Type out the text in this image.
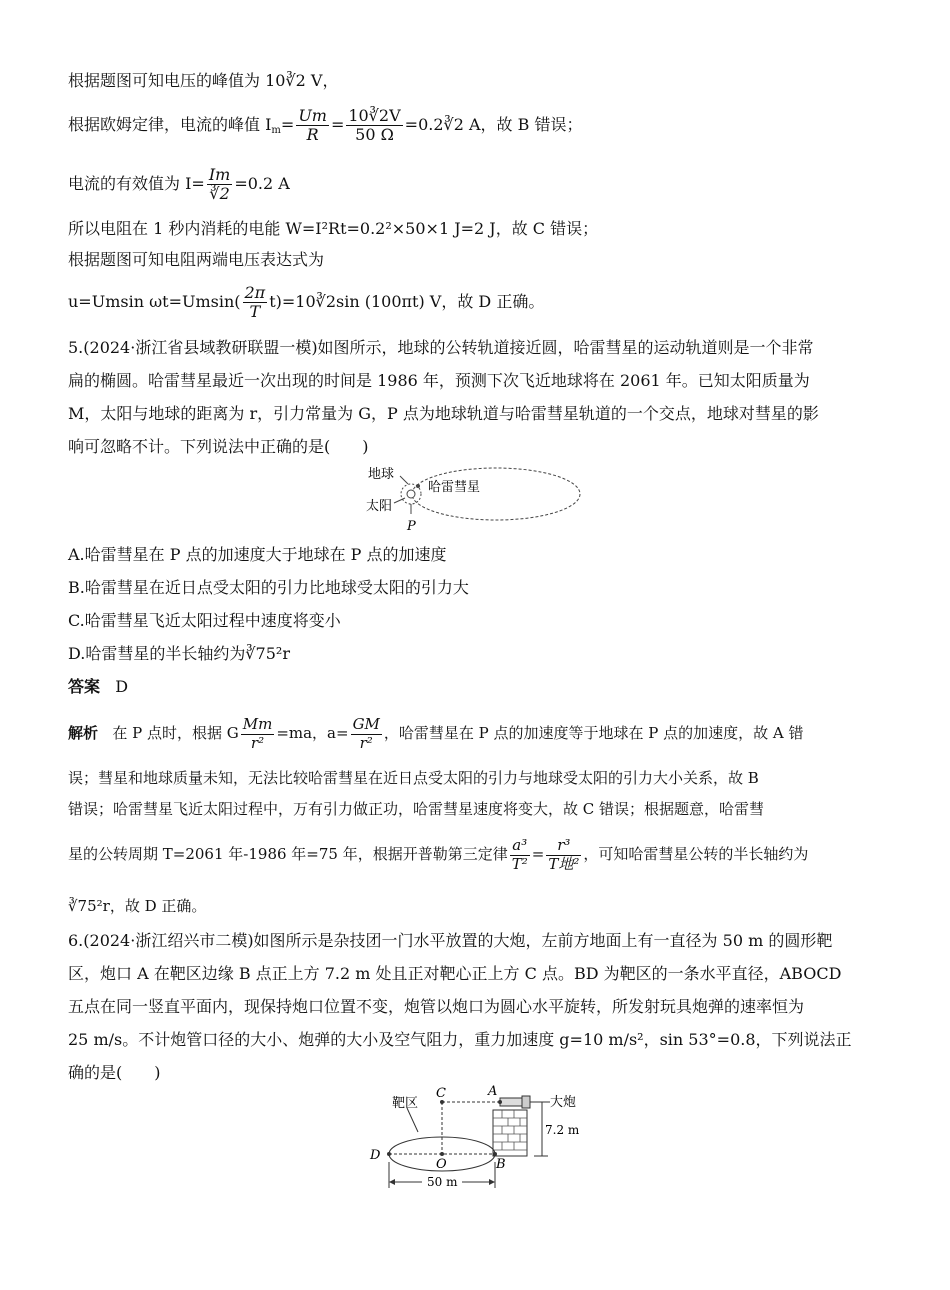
根据题图可知电压的峰值为 10∛2 V，
根据欧姆定律，电流的峰值 $I_m= \frac{Um}{R} = \frac{10∛2V}{50 \Omega}$ =0.2∛2 A，故 B 错误；
电流的有效值为 $I= \frac{Im}{∛2} =0.2$ A
所以电阻在 1 秒内消耗的电能 W=I²Rt=0.2²×50×1 J=2 J，故 C 错误；
根据题图可知电阻两端电压表达式为
u=Umsin $\omega t=Umsin( \frac{2\pi}{T}$ t)=10∛2sin (100πt) V，故 D 正确。
5.(2024·浙江省县域教研联盟一模)如图所示，地球的公转轨道接近圆，哈雷彗星的运动轨道则是一个非常
扁的椭圆。哈雷彗星最近一次出现的时间是 1986 年，预测下次飞近地球将在 2061 年。已知太阳质量为
M，太阳与地球的距离为 r，引力常量为 G，P 点为地球轨道与哈雷彗星轨道的一个交点，地球对彗星的影
响可忽略不计。下列说法中正确的是(　　)
地球
哈雷彗星
太阳
P
A.哈雷彗星在 P 点的加速度大于地球在 P 点的加速度
B.哈雷彗星在近日点受太阳的引力比地球受太阳的引力大
C.哈雷彗星飞近太阳过程中速度将变小
D.哈雷彗星的半长轴约为∛75²r
答案 D
解析 在 P 点时，根据 G $\frac{Mm}{\text{r²}} =ma$，$a= \frac{GM}{\text{r²}}$ ，哈雷彗星在 P 点的加速度等于地球在 P 点的加速度，故 A 错
误；彗星和地球质量未知，无法比较哈雷彗星在近日点受太阳的引力与地球受太阳的引力大小关系，故 B
错误；哈雷彗星飞近太阳过程中，万有引力做正功，哈雷彗星速度将变大，故 C 错误；根据题意，哈雷彗
星的公转周期 T=2061 年-1986 年=75 年，根据开普勒第三定律 $\frac{\text{a³}}{\text{T²}} = \frac{\text{r³}}{\text{T地²}}$ ，可知哈雷彗星公转的半长轴约为
∛75²r，故 D 正确。
6.(2024·浙江绍兴市二模)如图所示是杂技团一门水平放置的大炮，左前方地面上有一直径为 50 m 的圆形靶
区，炮口 A 在靶区边缘 B 点正上方 7.2 m 处且正对靶心正上方 C 点。BD 为靶区的一条水平直径，ABOCD
五点在同一竖直平面内，现保持炮口位置不变，炮管以炮口为圆心水平旋转，所发射玩具炮弹的速率恒为
25 m/s。不计炮管口径的大小、炮弹的大小及空气阻力，重力加速度 g=10 m/s²，sin 53°=0.8，下列说法正
确的是(　　)
靶区
C	A
大炮
7.2 m
D
O	B
50 m
